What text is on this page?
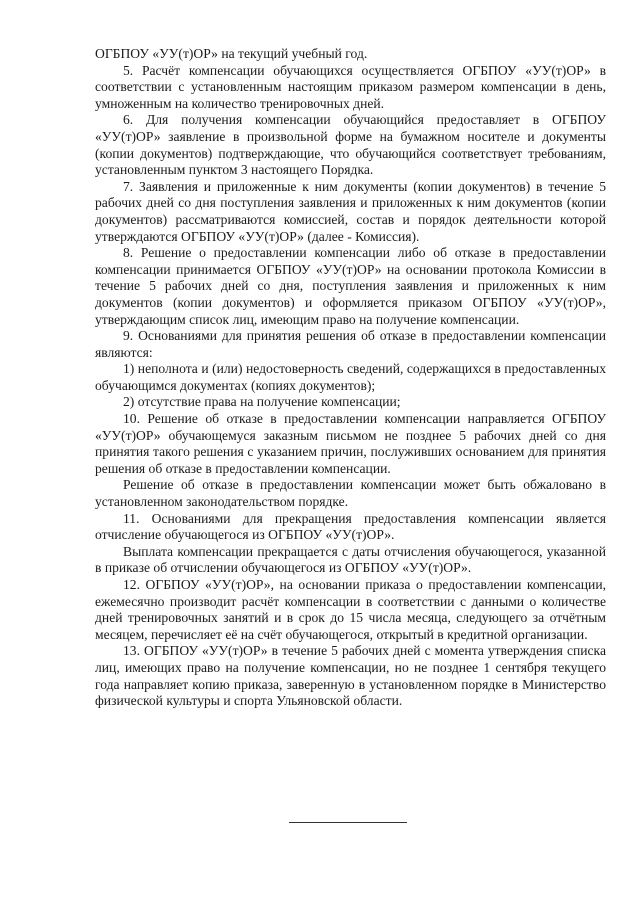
ОГБПОУ «УУ(т)ОР» на текущий учебный год.

5. Расчёт компенсации обучающихся осуществляется ОГБПОУ «УУ(т)ОР» в соответствии с установленным настоящим приказом размером компенсации в день, умноженным на количество тренировочных дней.

6. Для получения компенсации обучающийся предоставляет в ОГБПОУ «УУ(т)ОР» заявление в произвольной форме на бумажном носителе и документы (копии документов) подтверждающие, что обучающийся соответствует требованиям, установленным пунктом 3 настоящего Порядка.

7. Заявления и приложенные к ним документы (копии документов) в течение 5 рабочих дней со дня поступления заявления и приложенных к ним документов (копии документов) рассматриваются комиссией, состав и порядок деятельности которой утверждаются ОГБПОУ «УУ(т)ОР» (далее - Комиссия).

8. Решение о предоставлении компенсации либо об отказе в предоставлении компенсации принимается ОГБПОУ «УУ(т)ОР» на основании протокола Комиссии в течение 5 рабочих дней со дня, поступления заявления и приложенных к ним документов (копии документов) и оформляется приказом ОГБПОУ «УУ(т)ОР», утверждающим список лиц, имеющим право на получение компенсации.

9. Основаниями для принятия решения об отказе в предоставлении компенсации являются:

1) неполнота и (или) недостоверность сведений, содержащихся в предоставленных обучающимся документах (копиях документов);

2) отсутствие права на получение компенсации;

10. Решение об отказе в предоставлении компенсации направляется ОГБПОУ «УУ(т)ОР» обучающемуся заказным письмом не позднее 5 рабочих дней со дня принятия такого решения с указанием причин, послуживших основанием для принятия решения об отказе в предоставлении компенсации.

Решение об отказе в предоставлении компенсации может быть обжаловано в установленном законодательством порядке.

11. Основаниями для прекращения предоставления компенсации является отчисление обучающегося из ОГБПОУ «УУ(т)ОР».

Выплата компенсации прекращается с даты отчисления обучающегося, указанной в приказе об отчислении обучающегося из ОГБПОУ «УУ(т)ОР».

12. ОГБПОУ «УУ(т)ОР», на основании приказа о предоставлении компенсации, ежемесячно производит расчёт компенсации в соответствии с данными о количестве дней тренировочных занятий и в срок до 15 числа месяца, следующего за отчётным месяцем, перечисляет её на счёт обучающегося, открытый в кредитной организации.

13. ОГБПОУ «УУ(т)ОР» в течение 5 рабочих дней с момента утверждения списка лиц, имеющих право на получение компенсации, но не позднее 1 сентября текущего года направляет копию приказа, заверенную в установленном порядке в Министерство физической культуры и спорта Ульяновской области.
